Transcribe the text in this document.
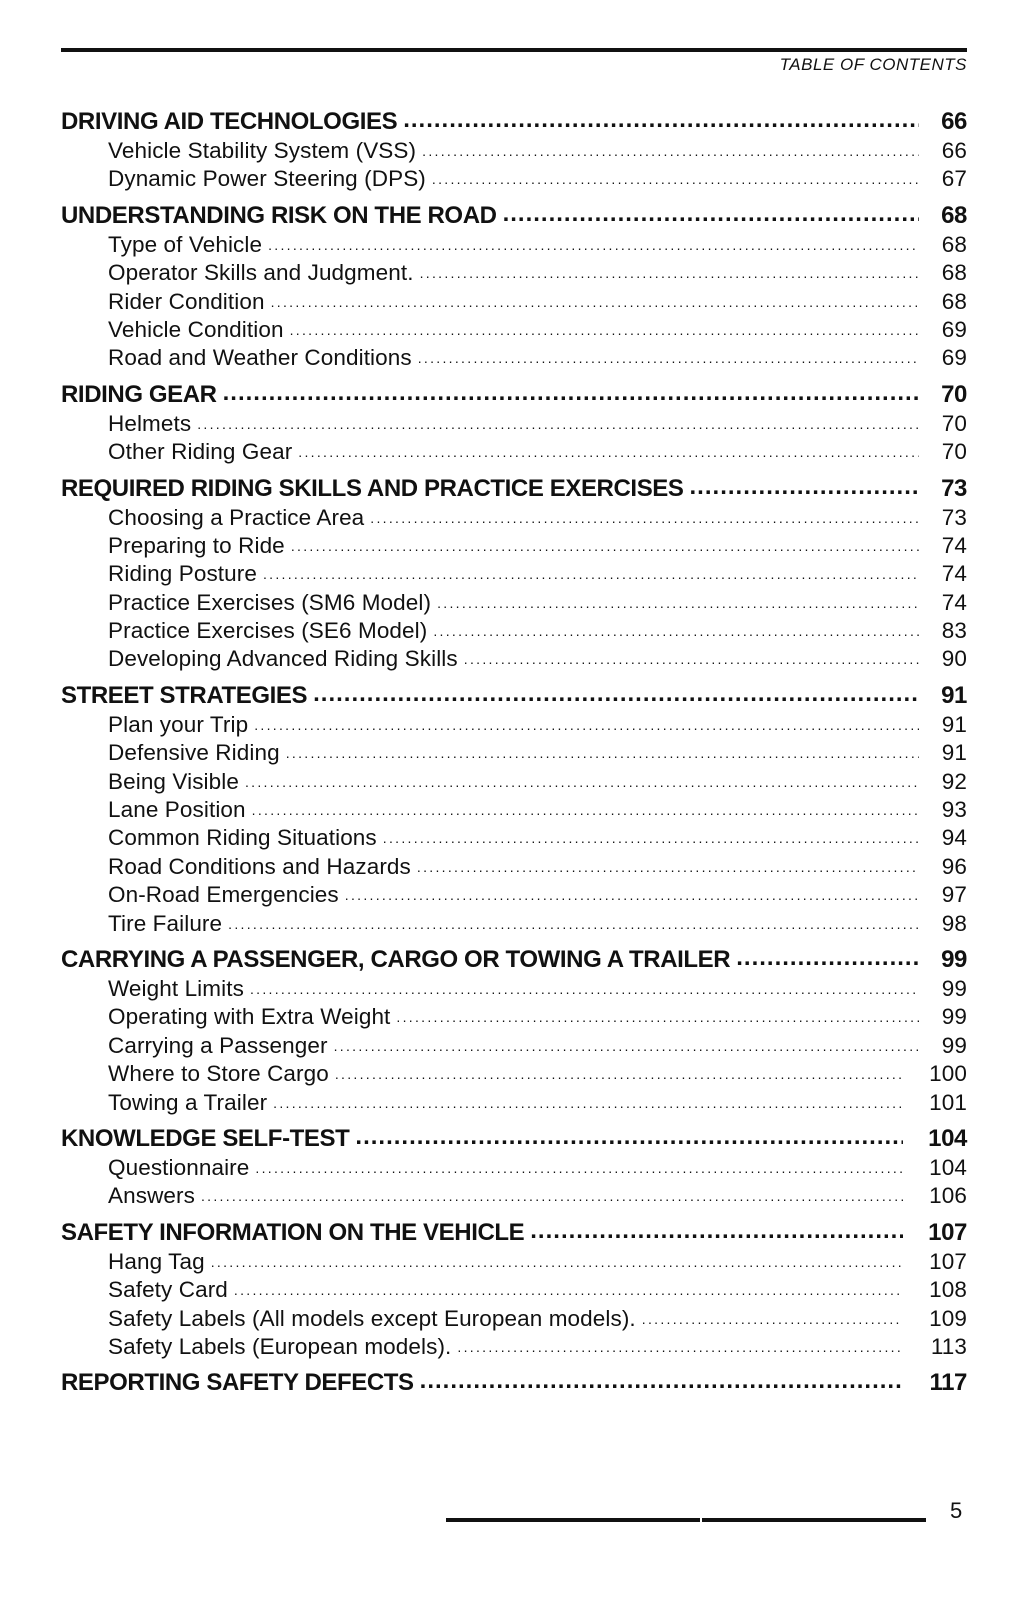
TABLE OF CONTENTS
DRIVING AID TECHNOLOGIES .....	66
Vehicle Stability System (VSS) .....	66
Dynamic Power Steering (DPS) .....	67
UNDERSTANDING RISK ON THE ROAD .....	68
Type of Vehicle .....	68
Operator Skills and Judgment. .....	68
Rider Condition .....	68
Vehicle Condition .....	69
Road and Weather Conditions .....	69
RIDING GEAR .....	70
Helmets .....	70
Other Riding Gear .....	70
REQUIRED RIDING SKILLS AND PRACTICE EXERCISES .....	73
Choosing a Practice Area .....	73
Preparing to Ride .....	74
Riding Posture .....	74
Practice Exercises (SM6 Model) .....	74
Practice Exercises (SE6 Model) .....	83
Developing Advanced Riding Skills .....	90
STREET STRATEGIES .....	91
Plan your Trip .....	91
Defensive Riding .....	91
Being Visible .....	92
Lane Position .....	93
Common Riding Situations .....	94
Road Conditions and Hazards .....	96
On-Road Emergencies .....	97
Tire Failure .....	98
CARRYING A PASSENGER, CARGO OR TOWING A TRAILER .....	99
Weight Limits .....	99
Operating with Extra Weight .....	99
Carrying a Passenger .....	99
Where to Store Cargo .....	100
Towing a Trailer .....	101
KNOWLEDGE SELF-TEST .....	104
Questionnaire .....	104
Answers .....	106
SAFETY INFORMATION ON THE VEHICLE .....	107
Hang Tag .....	107
Safety Card .....	108
Safety Labels (All models except European models). .....	109
Safety Labels (European models). .....	113
REPORTING SAFETY DEFECTS .....	117
5
